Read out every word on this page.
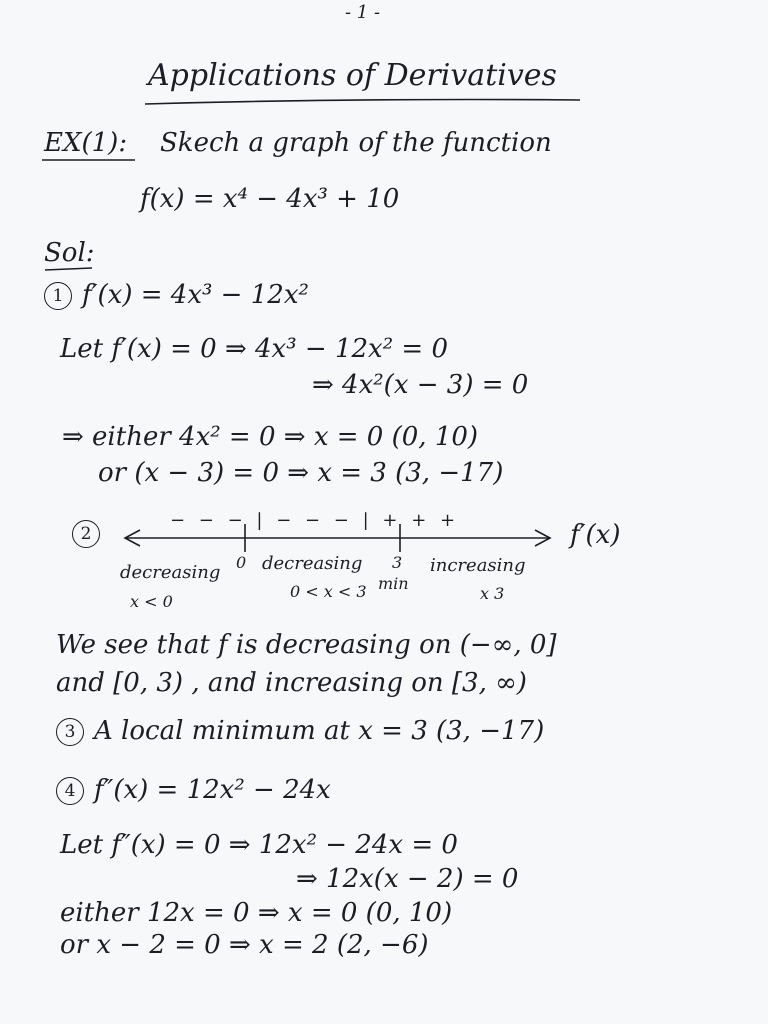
- 1 -
Applications of Derivatives
EX(1): Skech a graph of the function
f(x) = x⁴ − 4x³ + 10
Sol:
1 f′(x) = 4x³ − 12x²
Let f′(x) = 0 ⇒ 4x³ − 12x² = 0
⇒ 4x²(x − 3) = 0
⇒ either 4x² = 0 ⇒ x = 0 (0, 10)
or (x − 3) = 0 ⇒ x = 3 (3, −17)
2
− − − | − − − | + + +	f′(x)
0	3
decreasing decreasing	increasing
x < 0
0 < x < 3 min
x 3
We see that f is decreasing on (−∞, 0]
and [0, 3) , and increasing on [3, ∞)
3 A local minimum at x = 3 (3, −17)
4 f″(x) = 12x² − 24x
Let f″(x) = 0 ⇒ 12x² − 24x = 0
⇒ 12x(x − 2) = 0
either 12x = 0 ⇒ x = 0 (0, 10)
or x − 2 = 0 ⇒ x = 2 (2, −6)
